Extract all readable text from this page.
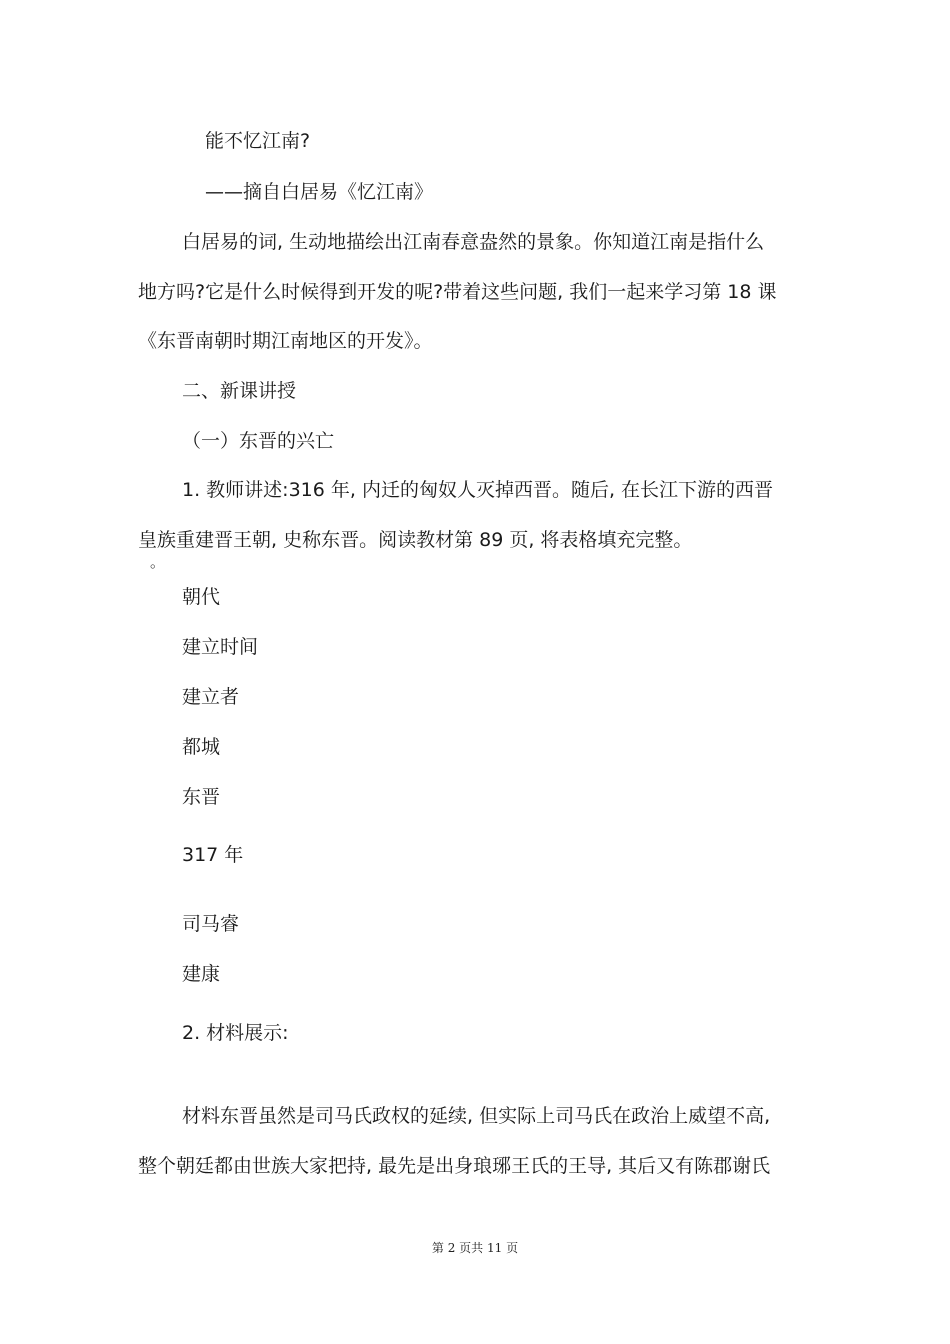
能不忆江南?
——摘自白居易《忆江南》
白居易的词, 生动地描绘出江南春意盎然的景象。你知道江南是指什么
地方吗?它是什么时候得到开发的呢?带着这些问题, 我们一起来学习第 18 课
《东晋南朝时期江南地区的开发》。
二、新课讲授
（一）东晋的兴亡
1. 教师讲述:316 年, 内迁的匈奴人灭掉西晋。随后, 在长江下游的西晋
皇族重建晋王朝, 史称东晋。阅读教材第 89 页, 将表格填充完整。
。
朝代
建立时间
建立者
都城
东晋
317 年
司马睿
建康
2. 材料展示:
材料东晋虽然是司马氏政权的延续, 但实际上司马氏在政治上威望不高,
整个朝廷都由世族大家把持, 最先是出身琅琊王氏的王导, 其后又有陈郡谢氏
第 2 页共 11 页
